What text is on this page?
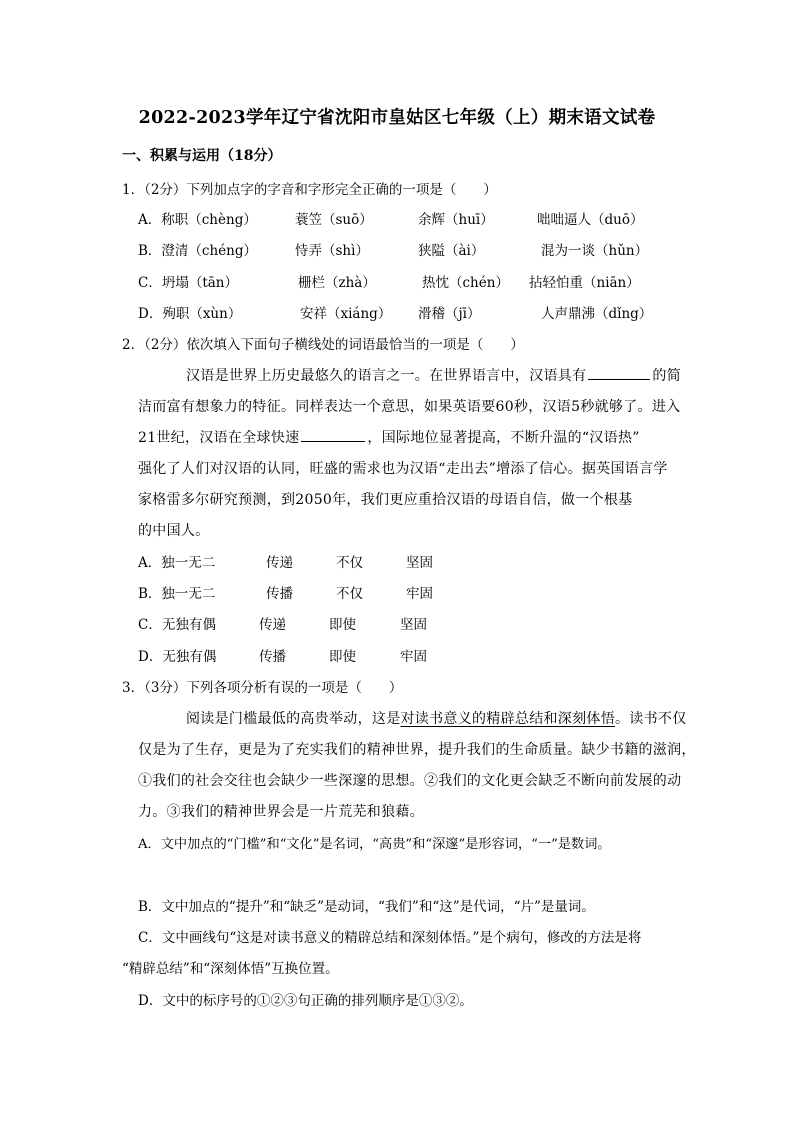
2022-2023学年辽宁省沈阳市皇姑区七年级（上）期末语文试卷
一、积累与运用（18分）
1．（2分）下列加点字的字音和字形完全正确的一项是（　　）
A．称职（chèng）	蓑笠（suō）	余辉（huī）	咄咄逼人（duō）
B．澄清（chéng）	恃弄（shì）	狭隘（ài）	混为一谈（hǔn）
C．坍塌（tān）	栅栏（zhà）	热忱（chén） 拈轻怕重（niān）
D．殉职（xùn）	安祥（xiáng） 滑稽（jī）	人声鼎沸（dǐng）
2．（2分）依次填入下面句子横线处的词语最恰当的一项是（　　）
汉语是世界上历史最悠久的语言之一。在世界语言中，汉语具有	的简
洁而富有想象力的特征。同样表达一个意思，如果英语要60秒，汉语5秒就够了。进入
21世纪，汉语在全球快速	，国际地位显著提高，不断升温的“汉语热”
强化了人们对汉语的认同，旺盛的需求也为汉语“走出去”增添了信心。据英国语言学
家格雷多尔研究预测，到2050年，我们更应重拾汉语的母语自信，做一个根基
的中国人。
A．独一无二	传递	不仅	坚固
B．独一无二	传播	不仅	牢固
C．无独有偶	传递	即使	坚固
D．无独有偶	传播	即使	牢固
3．（3分）下列各项分析有误的一项是（　　）
阅读是门槛最低的高贵举动，这是对读书意义的精辟总结和深刻体悟。读书不仅
仅是为了生存，更是为了充实我们的精神世界，提升我们的生命质量。缺少书籍的滋润，
①我们的社会交往也会缺少一些深邃的思想。②我们的文化更会缺乏不断向前发展的动
力。③我们的精神世界会是一片荒芜和狼藉。
A．文中加点的“门槛”和“文化”是名词，“高贵”和“深邃”是形容词，“一”是数词。
B．文中加点的“提升”和“缺乏”是动词，“我们”和“这”是代词，“片”是量词。
C．文中画线句“这是对读书意义的精辟总结和深刻体悟。”是个病句，修改的方法是将
“精辟总结”和“深刻体悟”互换位置。
D．文中的标序号的①②③句正确的排列顺序是①③②。
